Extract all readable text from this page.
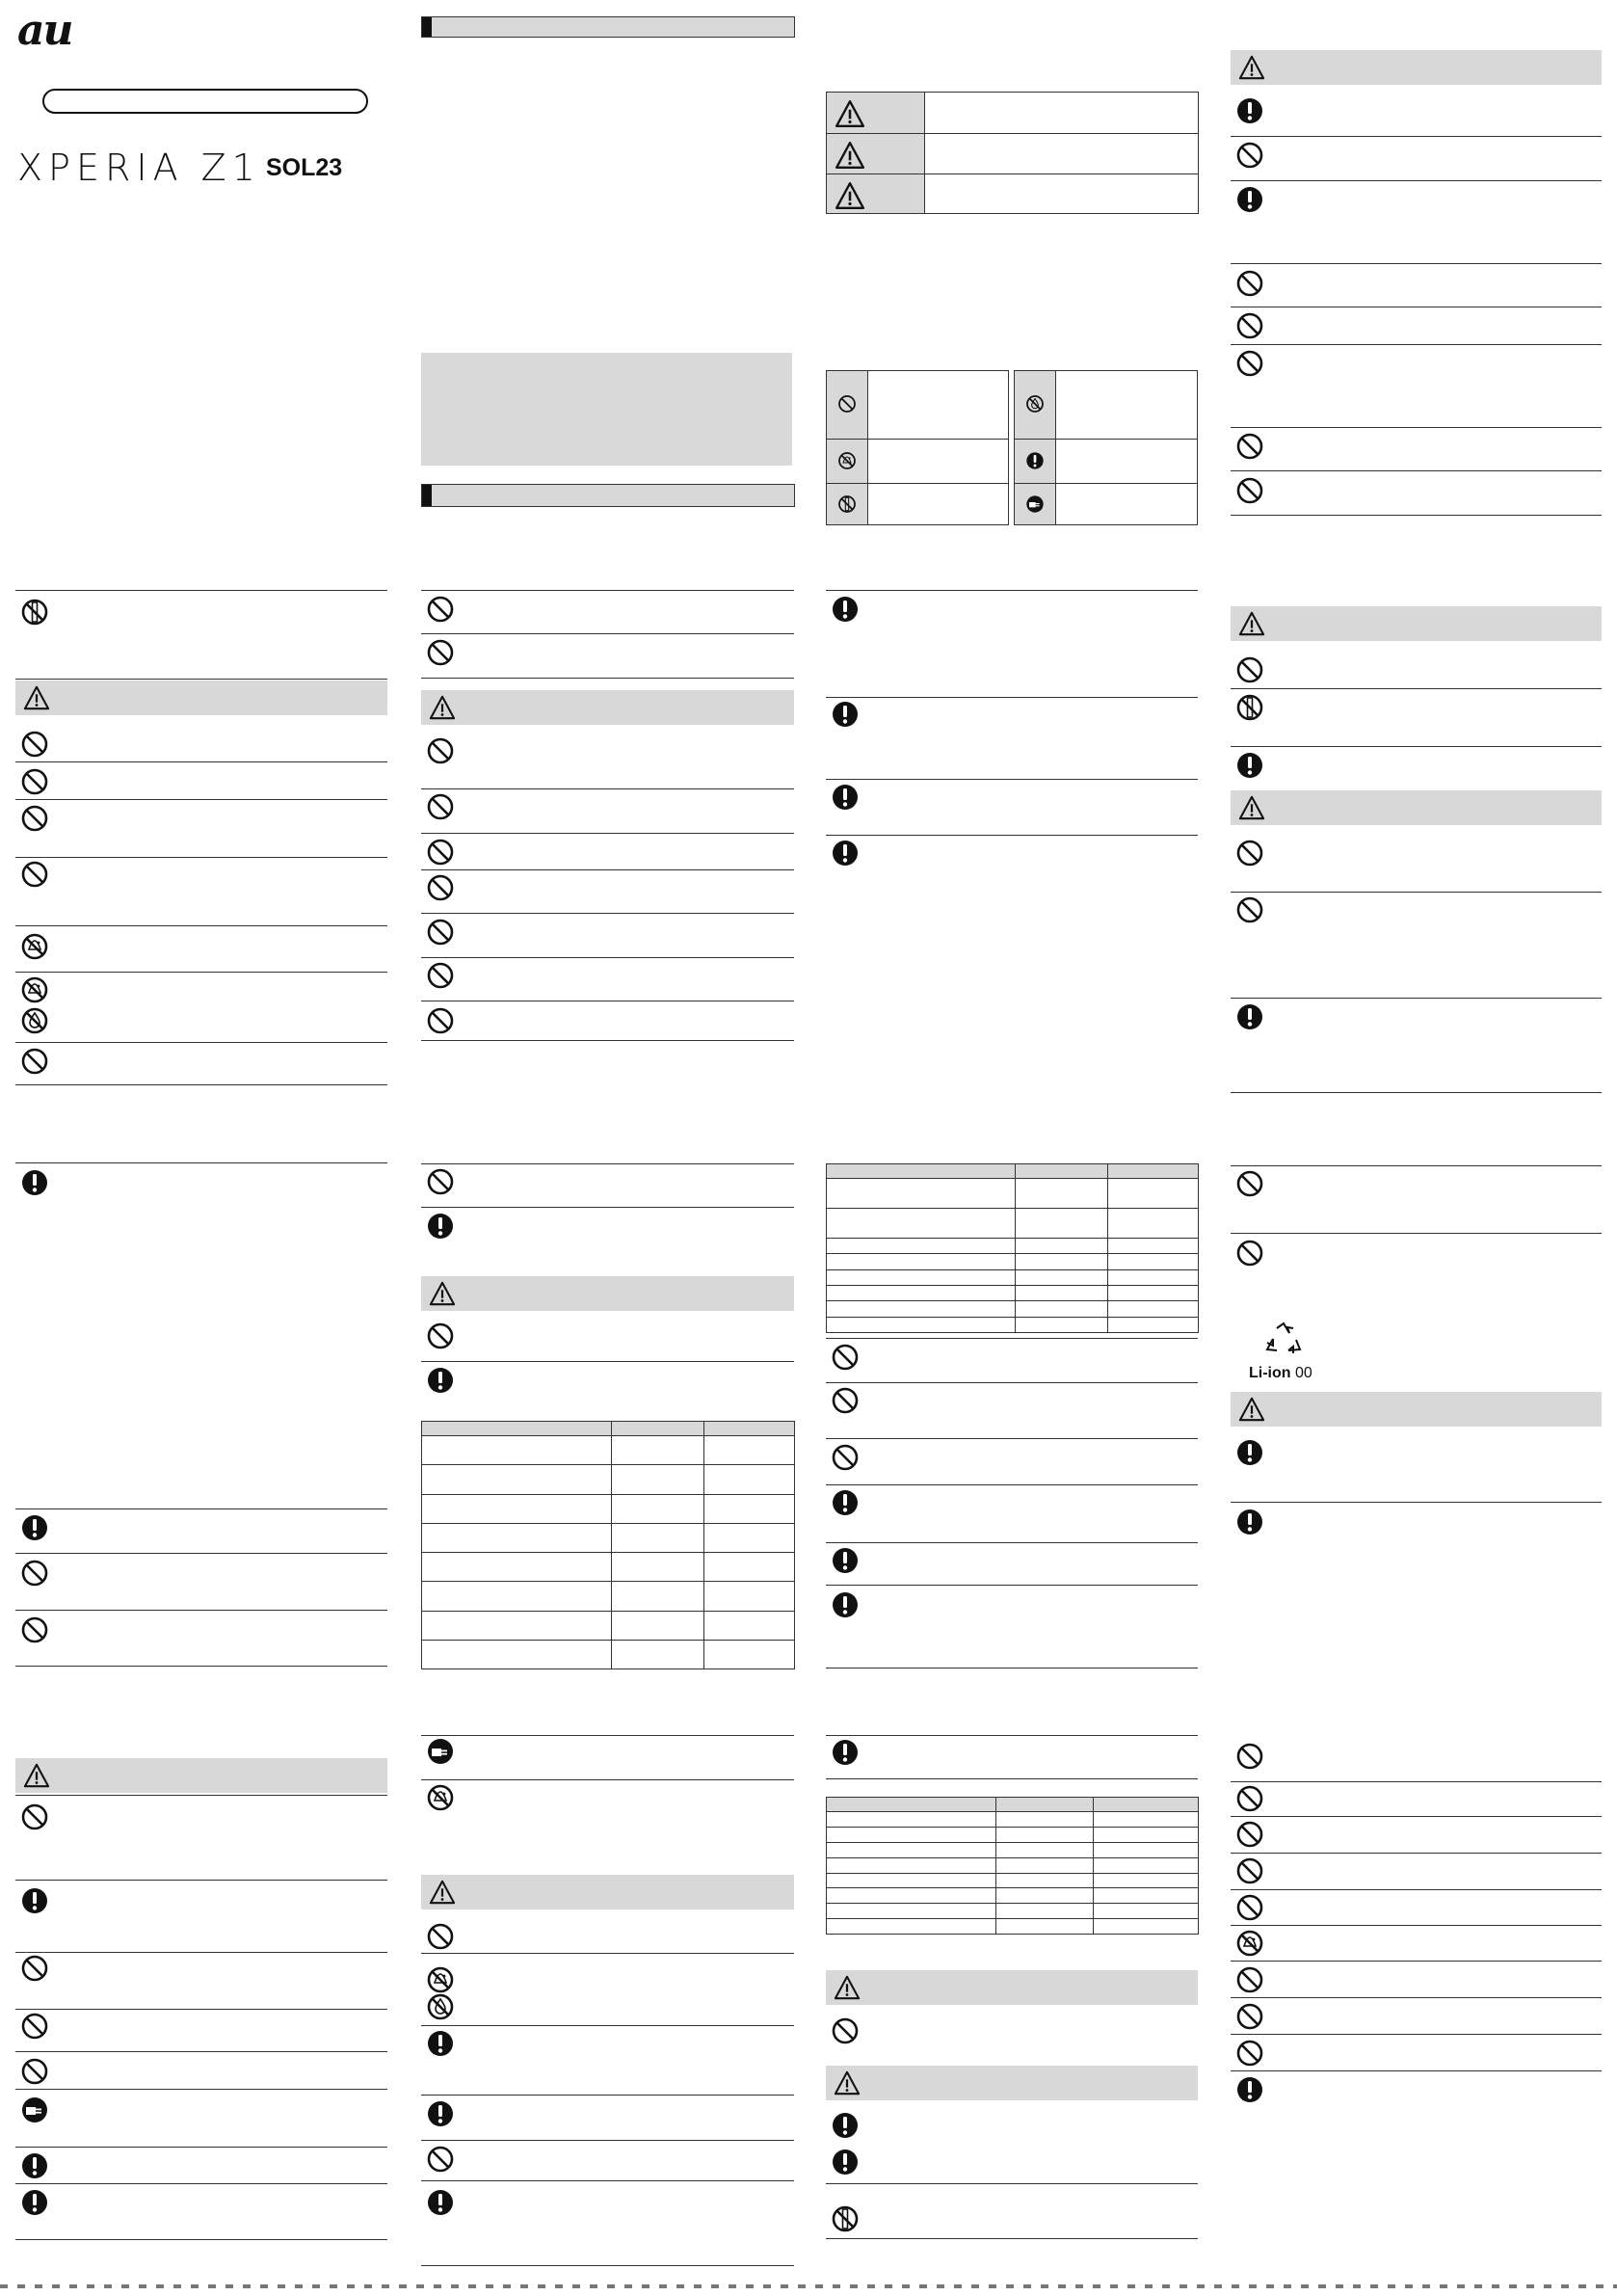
au
XPERIA Z1 SOL23

Li-ion 00
